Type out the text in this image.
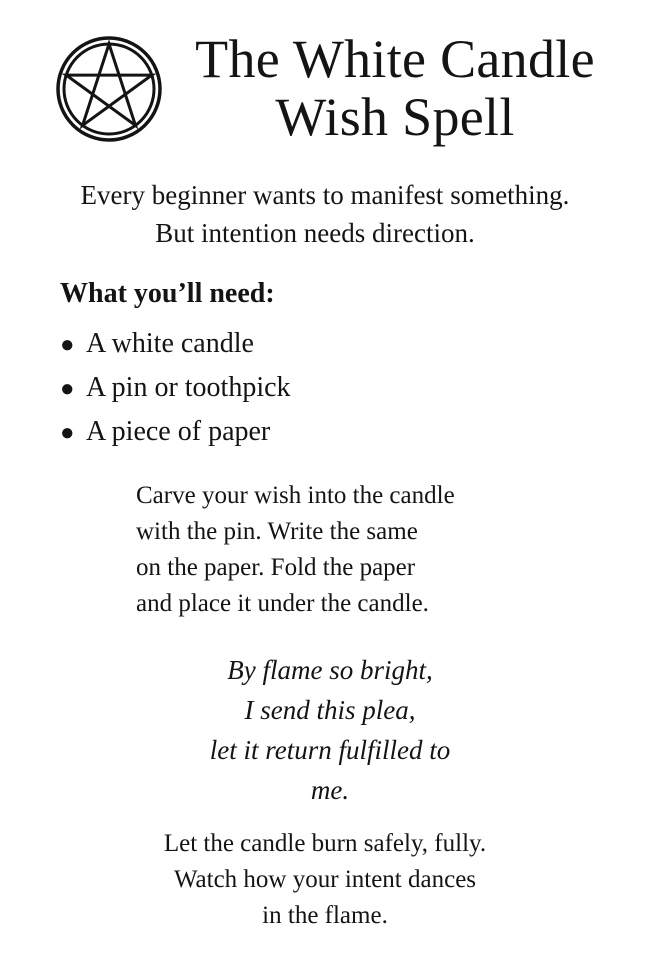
The White Candle
Wish Spell
Every beginner wants to manifest something.
But intention needs direction.
What you’ll need:
● A white candle
● A pin or toothpick
● A piece of paper

Carve your wish into the candle
with the pin. Write the same
on the paper. Fold the paper
and place it under the candle.

By flame so bright,
I send this plea,
let it return fulfilled to
me.

Let the candle burn safely, fully.
Watch how your intent dances
in the flame.
